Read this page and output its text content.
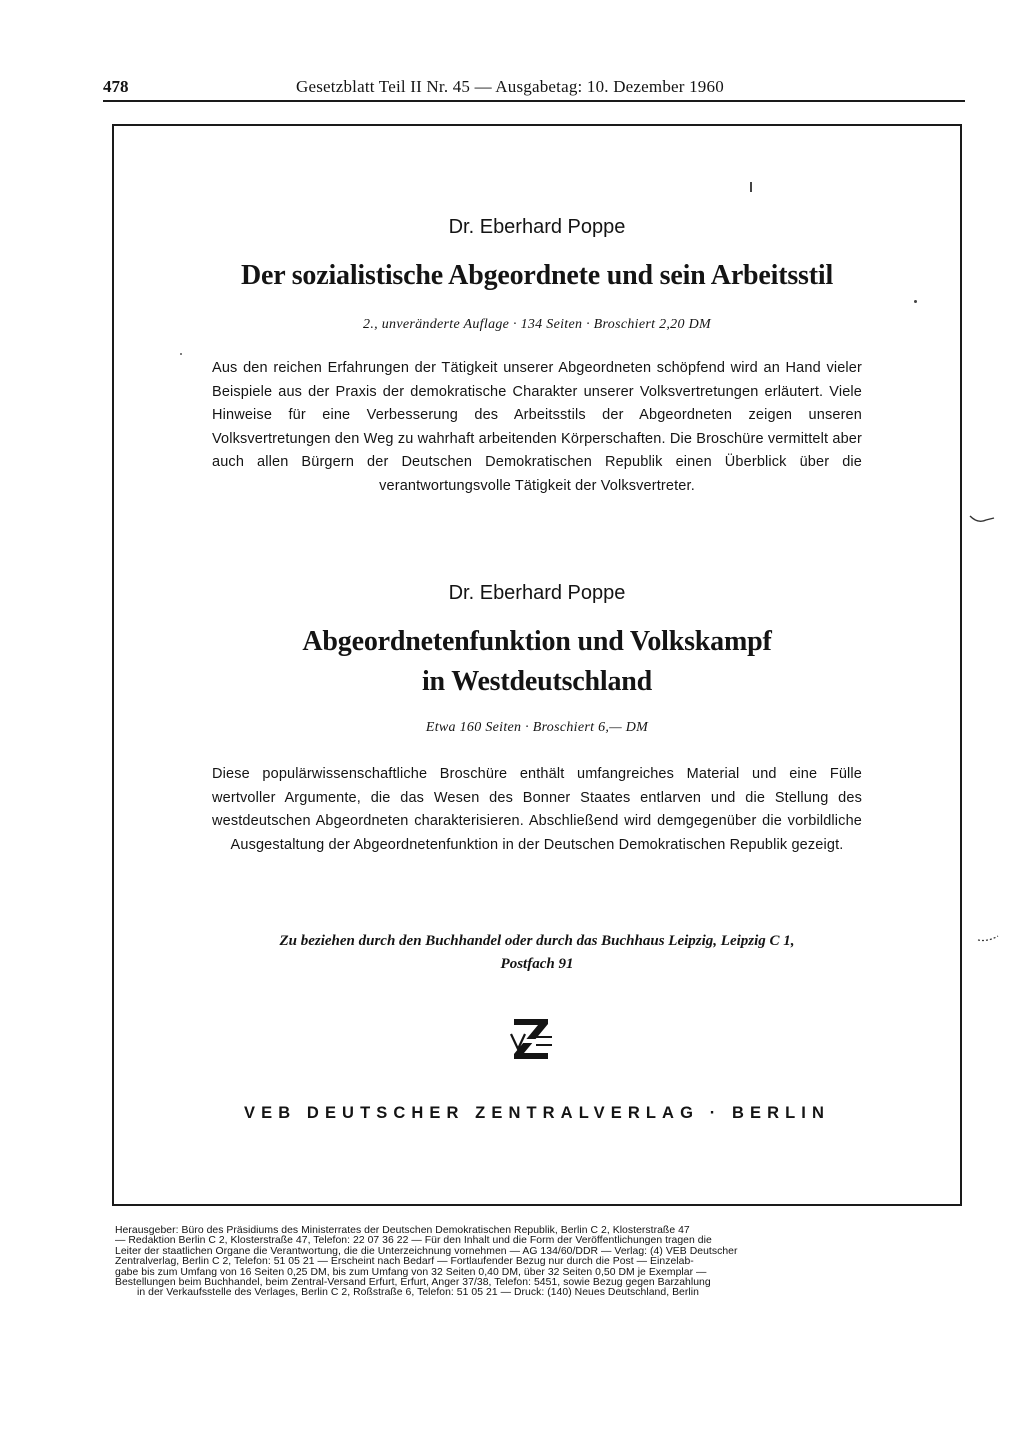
478	Gesetzblatt Teil II Nr. 45 — Ausgabetag: 10. Dezember 1960
Dr. Eberhard Poppe
Der sozialistische Abgeordnete und sein Arbeitsstil
2., unveränderte Auflage · 134 Seiten · Broschiert 2,20 DM
Aus den reichen Erfahrungen der Tätigkeit unserer Abgeordneten schöpfend wird an Hand vieler Beispiele aus der Praxis der demokratische Charakter unserer Volksvertretungen erläutert. Viele Hinweise für eine Verbesserung des Arbeitsstils der Abgeordneten zeigen unseren Volksvertretungen den Weg zu wahrhaft arbeitenden Körperschaften. Die Broschüre vermittelt aber auch allen Bürgern der Deutschen Demokratischen Republik einen Überblick über die verantwortungsvolle Tätigkeit der Volksvertreter.
Dr. Eberhard Poppe
Abgeordnetenfunktion und Volkskampf
in Westdeutschland
Etwa 160 Seiten · Broschiert 6,— DM
Diese populärwissenschaftliche Broschüre enthält umfangreiches Material und eine Fülle wertvoller Argumente, die das Wesen des Bonner Staates entlarven und die Stellung des westdeutschen Abgeordneten charakterisieren. Abschließend wird demgegenüber die vorbildliche Ausgestaltung der Abgeordnetenfunktion in der Deutschen Demokratischen Republik gezeigt.
Zu beziehen durch den Buchhandel oder durch das Buchhaus Leipzig, Leipzig C 1,
Postfach 91
VEB DEUTSCHER ZENTRALVERLAG · BERLIN
Herausgeber: Büro des Präsidiums des Ministerrates der Deutschen Demokratischen Republik, Berlin C 2, Klosterstraße 47
— Redaktion Berlin C 2, Klosterstraße 47, Telefon: 22 07 36 22 — Für den Inhalt und die Form der Veröffentlichungen tragen die
Leiter der staatlichen Organe die Verantwortung, die die Unterzeichnung vornehmen — AG 134/60/DDR — Verlag: (4) VEB Deutscher
Zentralverlag, Berlin C 2, Telefon: 51 05 21 — Erscheint nach Bedarf — Fortlaufender Bezug nur durch die Post — Einzelab-
gabe bis zum Umfang von 16 Seiten 0,25 DM, bis zum Umfang von 32 Seiten 0,40 DM, über 32 Seiten 0,50 DM je Exemplar —
Bestellungen beim Buchhandel, beim Zentral-Versand Erfurt, Erfurt, Anger 37/38, Telefon: 5451, sowie Bezug gegen Barzahlung
in der Verkaufsstelle des Verlages, Berlin C 2, Roßstraße 6, Telefon: 51 05 21 — Druck: (140) Neues Deutschland, Berlin
